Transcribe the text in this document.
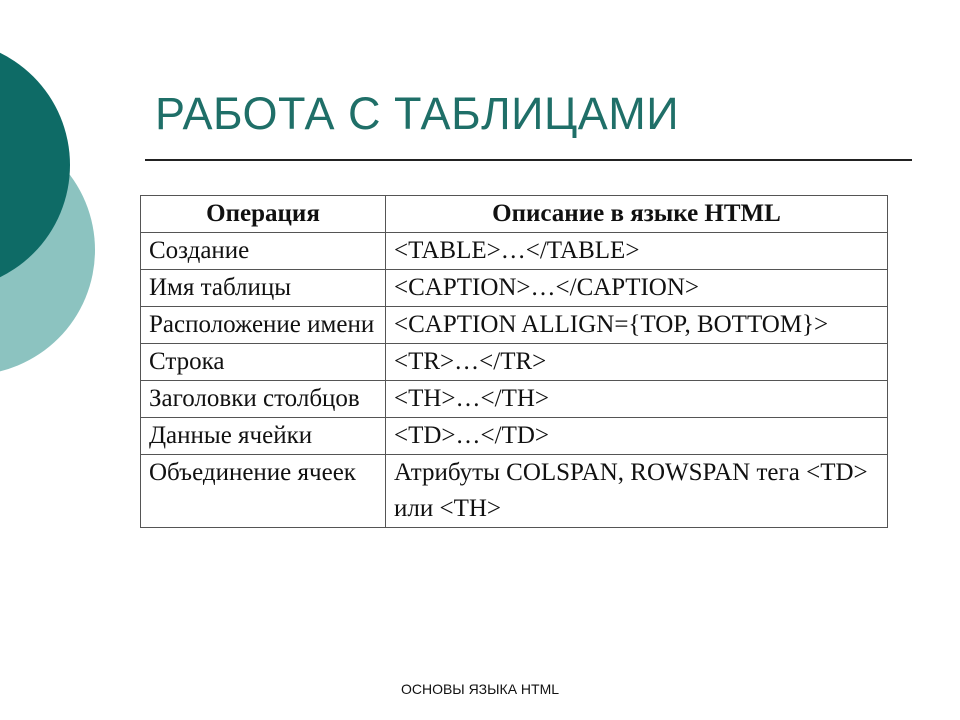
РАБОТА С ТАБЛИЦАМИ
Операция	Описание в языке HTML
Создание	<TABLE>…</TABLE>
Имя таблицы	<CAPTION>…</CAPTION>
Расположение имени	<CAPTION ALLIGN={TOP, BOTTOM}>
Строка	<TR>…</TR>
Заголовки столбцов	<TH>…</TH>
Данные ячейки	<TD>…</TD>
Объединение ячеек	Атрибуты COLSPAN, ROWSPAN тега <TD> или <TH>
ОСНОВЫ ЯЗЫКА HTML
